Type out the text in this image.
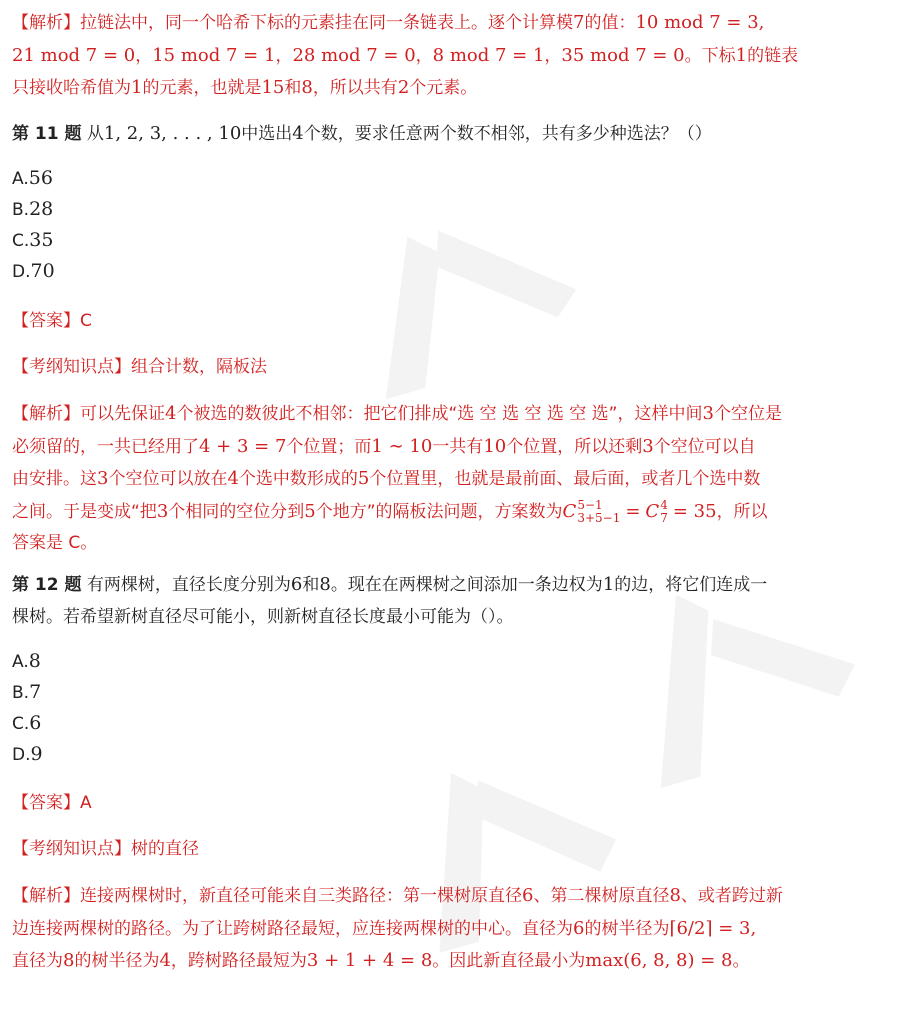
【解析】拉链法中，同一个哈希下标的元素挂在同一条链表上。逐个计算模7的值：10 mod 7 = 3,
21 mod 7 = 0，15 mod 7 = 1，28 mod 7 = 0，8 mod 7 = 1，35 mod 7 = 0。下标1的链表
只接收哈希值为1的元素，也就是15和8，所以共有2个元素。
第 11 题 从1, 2, 3, . . . , 10中选出4个数，要求任意两个数不相邻，共有多少种选法？（）
A.56
B.28
C.35
D.70
【答案】C
【考纲知识点】组合计数，隔板法
【解析】可以先保证4个被选的数彼此不相邻：把它们排成“选 空 选 空 选 空 选”，这样中间3个空位是
必须留的，一共已经用了4 + 3 = 7个位置；而1 ∼ 10一共有10个位置，所以还剩3个空位可以自
由安排。这3个空位可以放在4个选中数形成的5个位置里，也就是最前面、最后面，或者几个选中数
之间。于是变成“把3个相同的空位分到5个地方”的隔板法问题，方案数为C 5−1
3+5−1 = C 4
7 = 35，所以
答案是 C。
第 12 题 有两棵树，直径长度分别为6和8。现在在两棵树之间添加一条边权为1的边，将它们连成一
棵树。若希望新树直径尽可能小，则新树直径长度最小可能为（）。
A.8
B.7
C.6
D.9
【答案】A
【考纲知识点】树的直径
【解析】连接两棵树时，新直径可能来自三类路径：第一棵树原直径6、第二棵树原直径8、或者跨过新
边连接两棵树的路径。为了让跨树路径最短，应连接两棵树的中心。直径为6的树半径为⌈6/2⌉ = 3,
直径为8的树半径为4，跨树路径最短为3 + 1 + 4 = 8。因此新直径最小为max(6, 8, 8) = 8。
